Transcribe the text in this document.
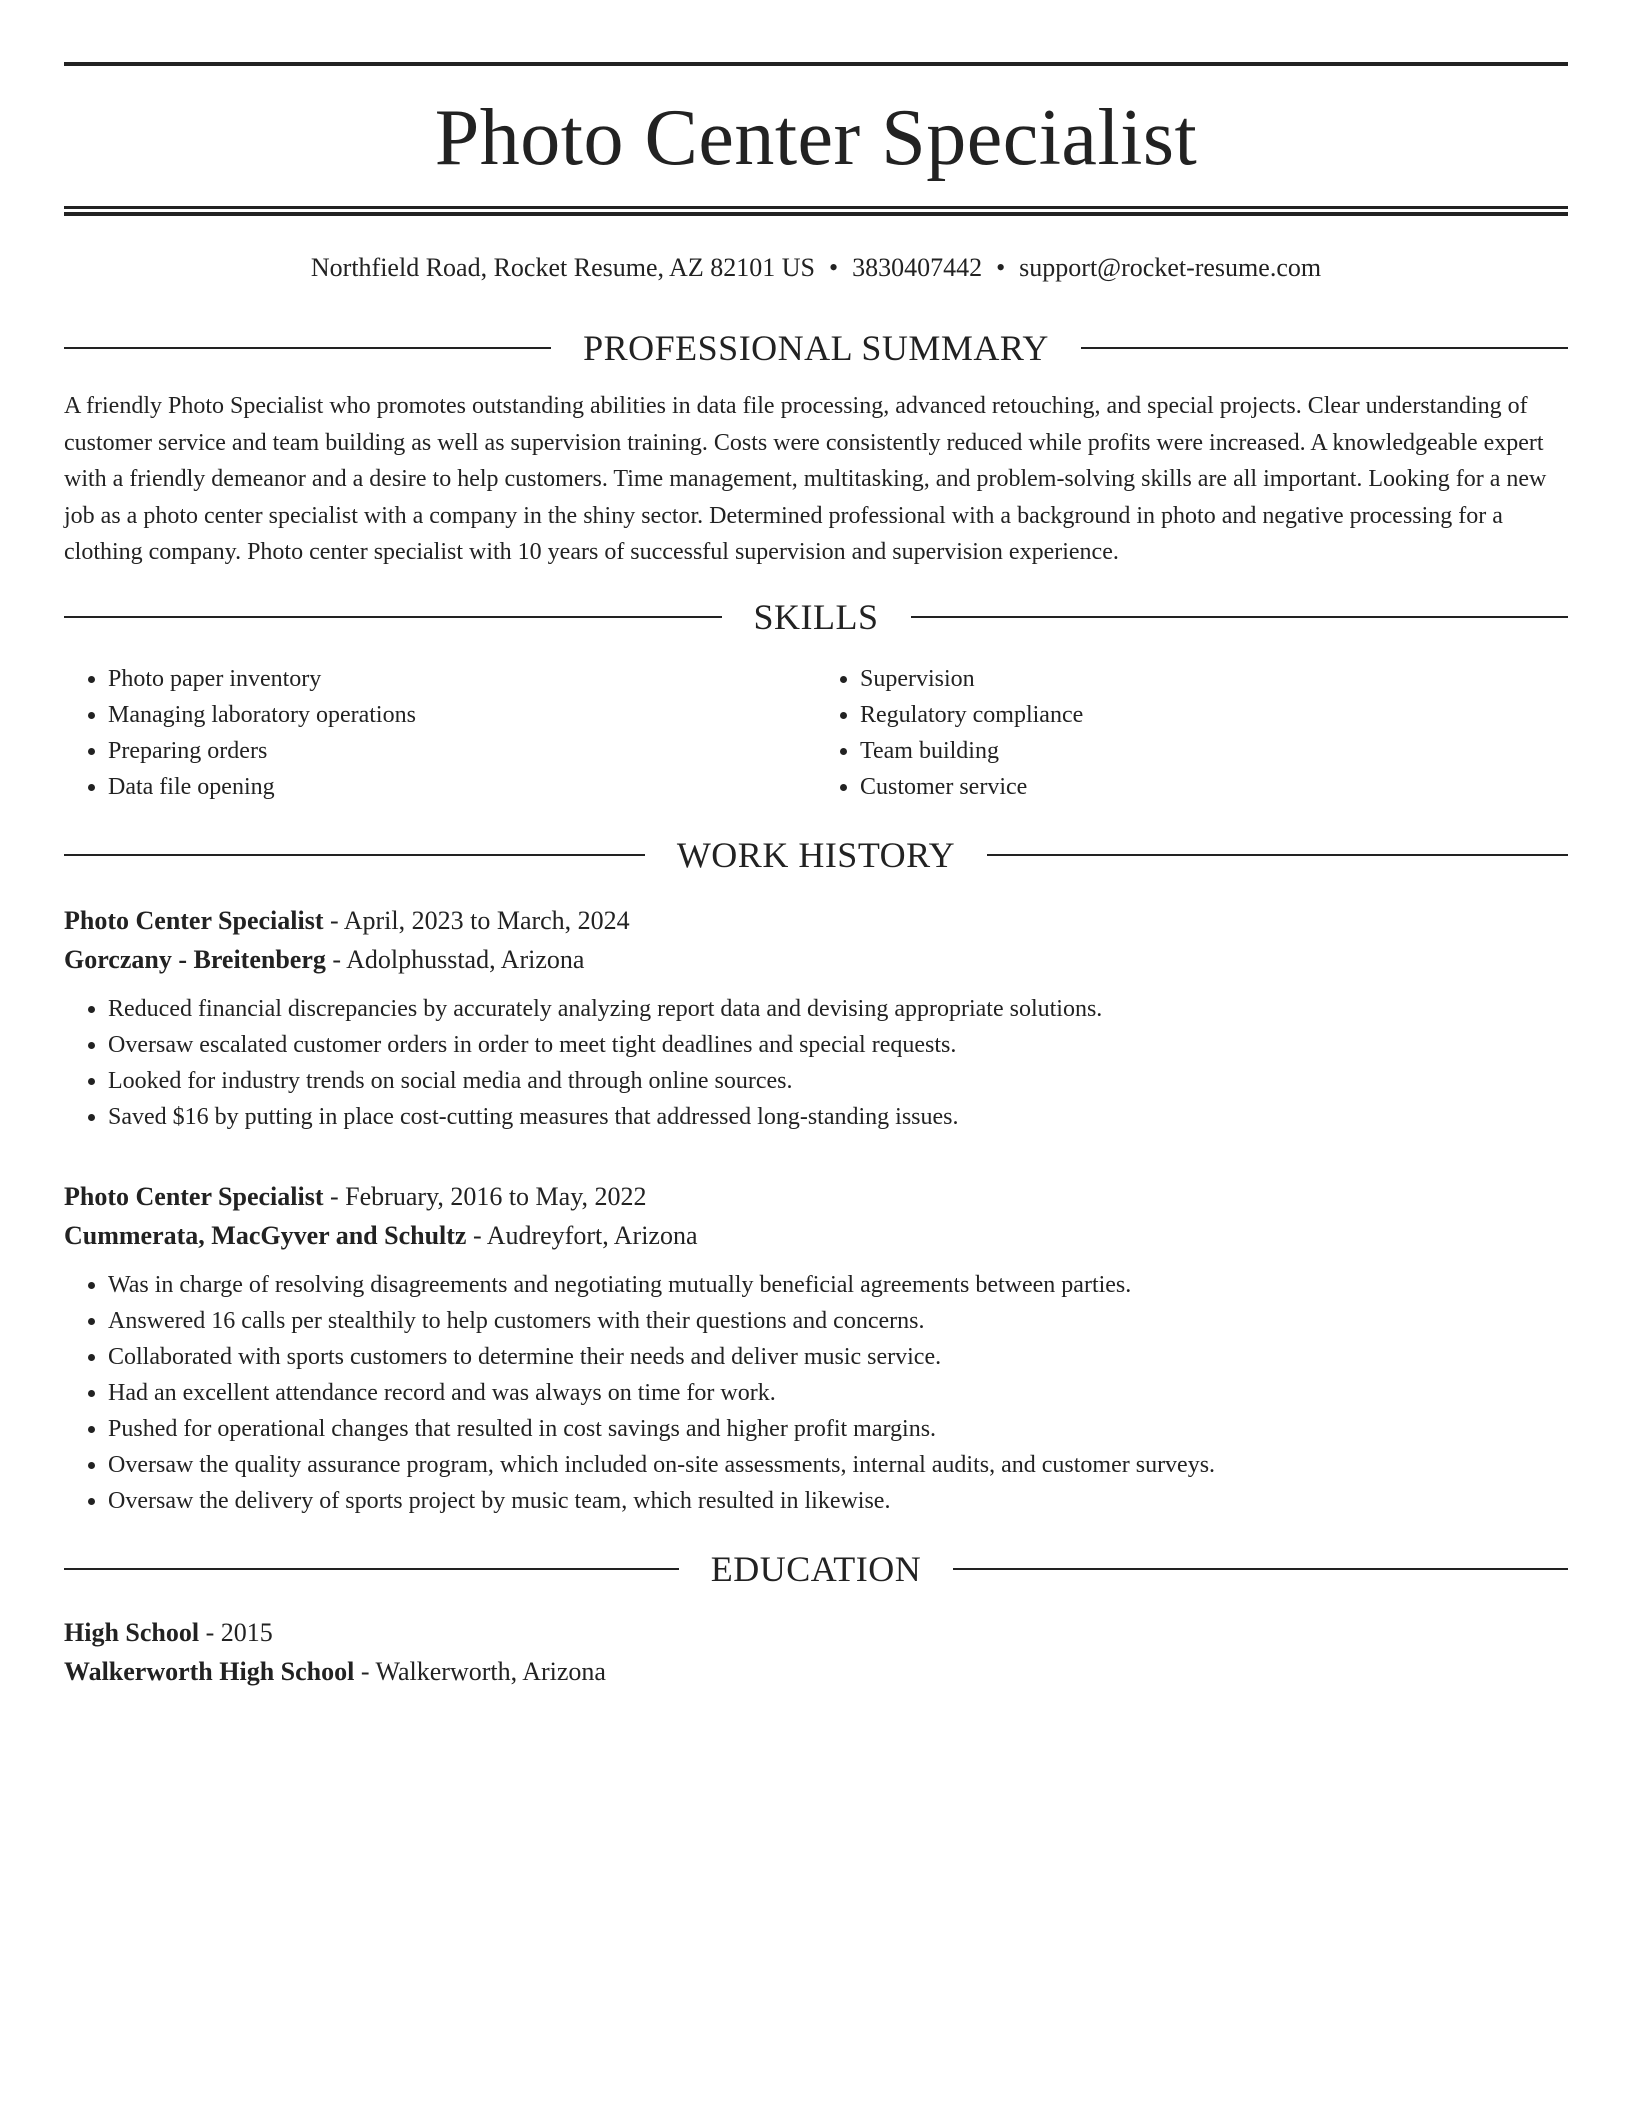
Photo Center Specialist
Northfield Road, Rocket Resume, AZ 82101 US • 3830407442 • support@rocket-resume.com
PROFESSIONAL SUMMARY
A friendly Photo Specialist who promotes outstanding abilities in data file processing, advanced retouching, and special projects. Clear understanding of customer service and team building as well as supervision training. Costs were consistently reduced while profits were increased. A knowledgeable expert with a friendly demeanor and a desire to help customers. Time management, multitasking, and problem-solving skills are all important. Looking for a new job as a photo center specialist with a company in the shiny sector. Determined professional with a background in photo and negative processing for a clothing company. Photo center specialist with 10 years of successful supervision and supervision experience.
SKILLS
• Photo paper inventory
• Managing laboratory operations
• Preparing orders
• Data file opening
• Supervision
• Regulatory compliance
• Team building
• Customer service
WORK HISTORY
Photo Center Specialist - April, 2023 to March, 2024
Gorczany - Breitenberg - Adolphusstad, Arizona
• Reduced financial discrepancies by accurately analyzing report data and devising appropriate solutions.
• Oversaw escalated customer orders in order to meet tight deadlines and special requests.
• Looked for industry trends on social media and through online sources.
• Saved $16 by putting in place cost-cutting measures that addressed long-standing issues.
Photo Center Specialist - February, 2016 to May, 2022
Cummerata, MacGyver and Schultz - Audreyfort, Arizona
• Was in charge of resolving disagreements and negotiating mutually beneficial agreements between parties.
• Answered 16 calls per stealthily to help customers with their questions and concerns.
• Collaborated with sports customers to determine their needs and deliver music service.
• Had an excellent attendance record and was always on time for work.
• Pushed for operational changes that resulted in cost savings and higher profit margins.
• Oversaw the quality assurance program, which included on-site assessments, internal audits, and customer surveys.
• Oversaw the delivery of sports project by music team, which resulted in likewise.
EDUCATION
High School - 2015
Walkerworth High School - Walkerworth, Arizona
